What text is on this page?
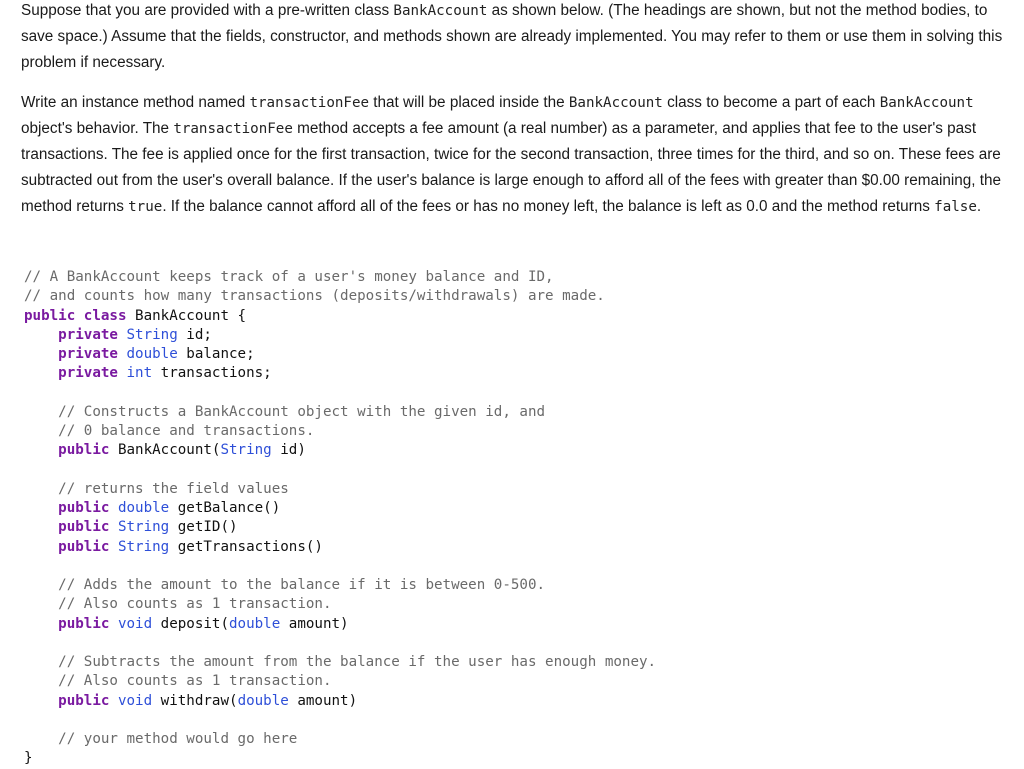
Suppose that you are provided with a pre-written class BankAccount as shown below. (The headings are shown, but not the method bodies, to save space.) Assume that the fields, constructor, and methods shown are already implemented. You may refer to them or use them in solving this problem if necessary.

Write an instance method named transactionFee that will be placed inside the BankAccount class to become a part of each BankAccount object's behavior. The transactionFee method accepts a fee amount (a real number) as a parameter, and applies that fee to the user's past transactions. The fee is applied once for the first transaction, twice for the second transaction, three times for the third, and so on. These fees are subtracted out from the user's overall balance. If the user's balance is large enough to afford all of the fees with greater than $0.00 remaining, the method returns true. If the balance cannot afford all of the fees or has no money left, the balance is left as 0.0 and the method returns false.

// A BankAccount keeps track of a user's money balance and ID,
// and counts how many transactions (deposits/withdrawals) are made.
public class BankAccount {
private String id;
private double balance;
private int transactions;
// Constructs a BankAccount object with the given id, and
// 0 balance and transactions.
public BankAccount(String id)
// returns the field values
public double getBalance()
public String getID()
public String getTransactions()
// Adds the amount to the balance if it is between 0-500.
// Also counts as 1 transaction.
public void deposit(double amount)
// Subtracts the amount from the balance if the user has enough money.
// Also counts as 1 transaction.
public void withdraw(double amount)
// your method would go here
}
